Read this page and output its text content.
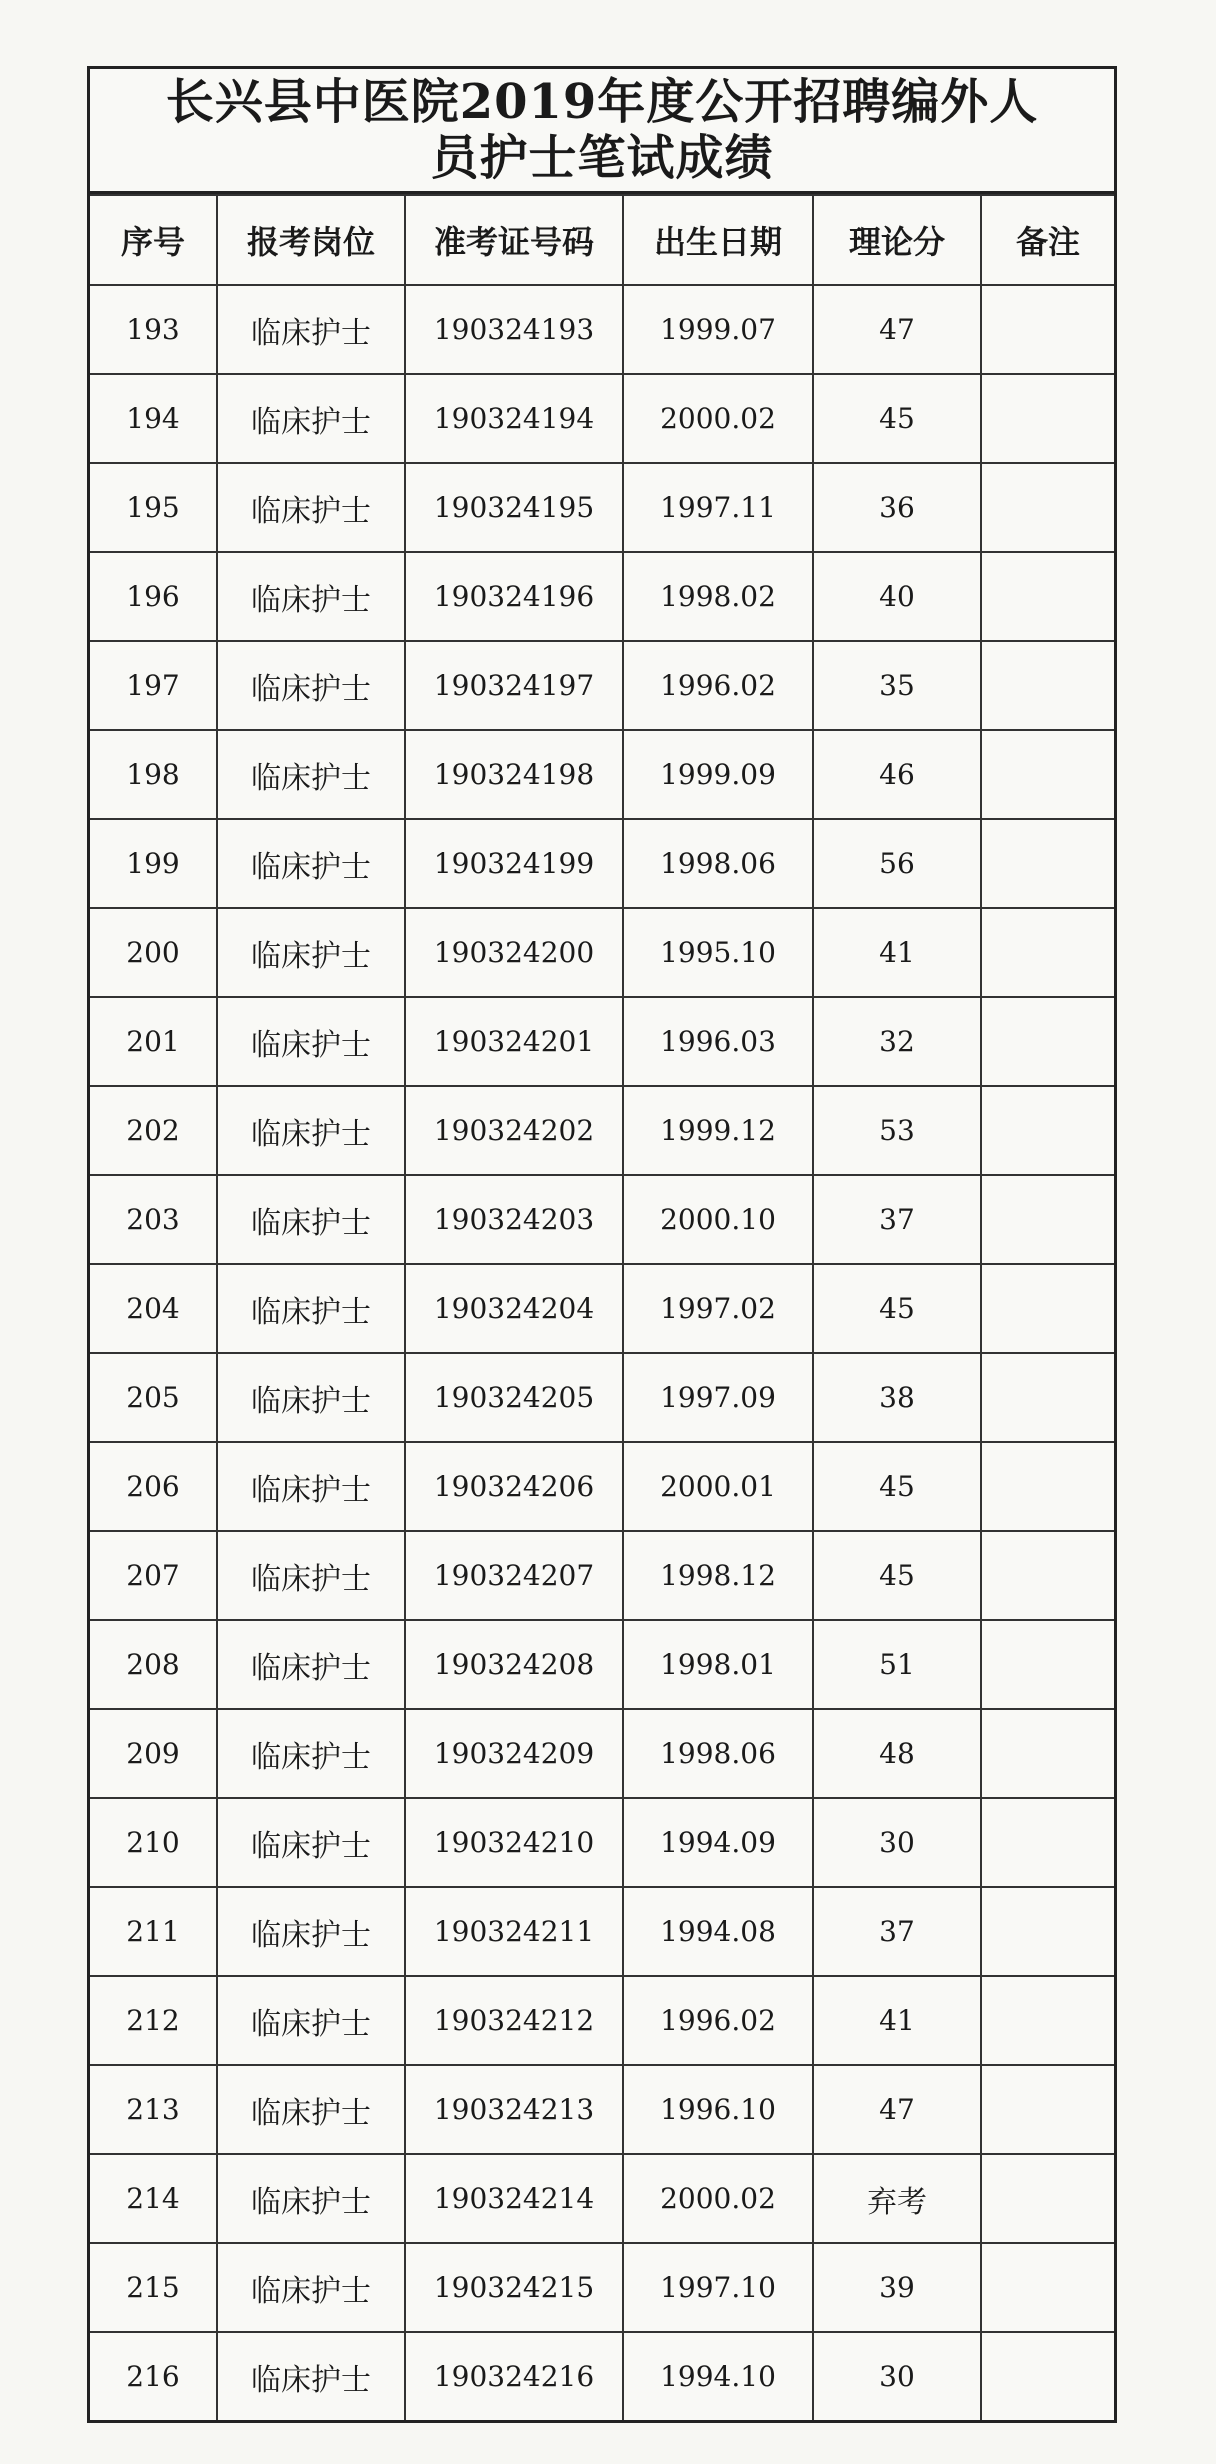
长兴县中医院2019年度公开招聘编外人员护士笔试成绩
序号	报考岗位	准考证号码	出生日期	理论分	备注
193	临床护士	190324193	1999.07	47	
194	临床护士	190324194	2000.02	45	
195	临床护士	190324195	1997.11	36	
196	临床护士	190324196	1998.02	40	
197	临床护士	190324197	1996.02	35	
198	临床护士	190324198	1999.09	46	
199	临床护士	190324199	1998.06	56	
200	临床护士	190324200	1995.10	41	
201	临床护士	190324201	1996.03	32	
202	临床护士	190324202	1999.12	53	
203	临床护士	190324203	2000.10	37	
204	临床护士	190324204	1997.02	45	
205	临床护士	190324205	1997.09	38	
206	临床护士	190324206	2000.01	45	
207	临床护士	190324207	1998.12	45	
208	临床护士	190324208	1998.01	51	
209	临床护士	190324209	1998.06	48	
210	临床护士	190324210	1994.09	30	
211	临床护士	190324211	1994.08	37	
212	临床护士	190324212	1996.02	41	
213	临床护士	190324213	1996.10	47	
214	临床护士	190324214	2000.02	弃考	
215	临床护士	190324215	1997.10	39	
216	临床护士	190324216	1994.10	30	
